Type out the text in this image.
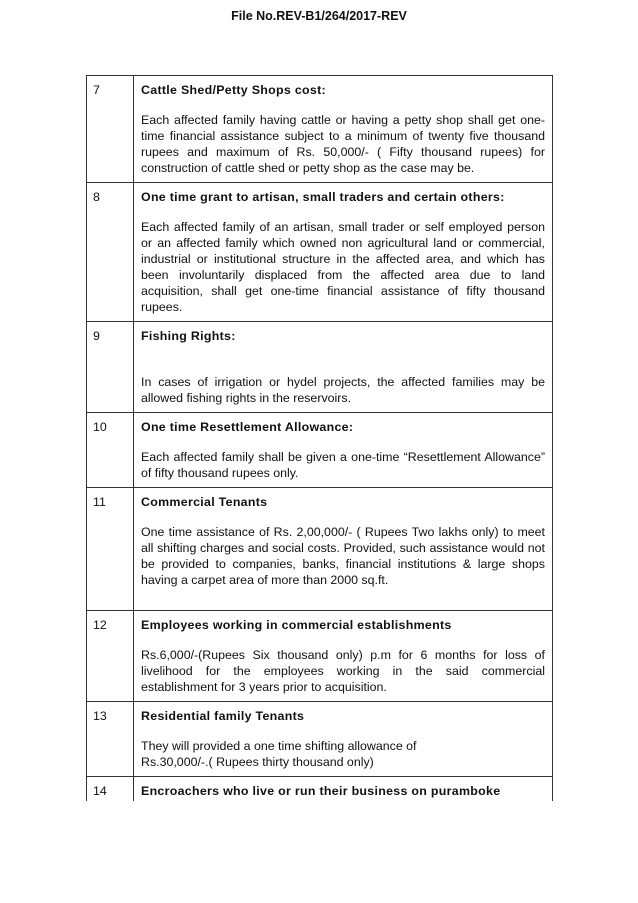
File No.REV-B1/264/2017-REV
7	Cattle Shed/Petty Shops cost:

Each affected family having cattle or having a petty shop shall get one-time financial assistance subject to a minimum of twenty five thousand rupees and maximum of Rs. 50,000/- ( Fifty thousand rupees) for construction of cattle shed or petty shop as the case may be.

8	One time grant to artisan, small traders and certain others:

Each affected family of an artisan, small trader or self employed person or an affected family which owned non agricultural land or commercial, industrial or institutional structure in the affected area, and which has been involuntarily displaced from the affected area due to land acquisition, shall get one-time financial assistance of fifty thousand rupees.

9	Fishing Rights:

In cases of irrigation or hydel projects, the affected families may be allowed fishing rights in the reservoirs.

10	One time Resettlement Allowance:

Each affected family shall be given a one-time “Resettlement Allowance” of fifty thousand rupees only.

11	Commercial Tenants

One time assistance of Rs. 2,00,000/- ( Rupees Two lakhs only) to meet all shifting charges and social costs. Provided, such assistance would not be provided to companies, banks, financial institutions & large shops having a carpet area of more than 2000 sq.ft.

12	Employees working in commercial establishments

Rs.6,000/-(Rupees Six thousand only) p.m for 6 months for loss of livelihood for the employees working in the said commercial establishment for 3 years prior to acquisition.

13	Residential family Tenants

They will provided a one time shifting allowance of
Rs.30,000/-.( Rupees thirty thousand only)

14	Encroachers who live or run their business on puramboke
